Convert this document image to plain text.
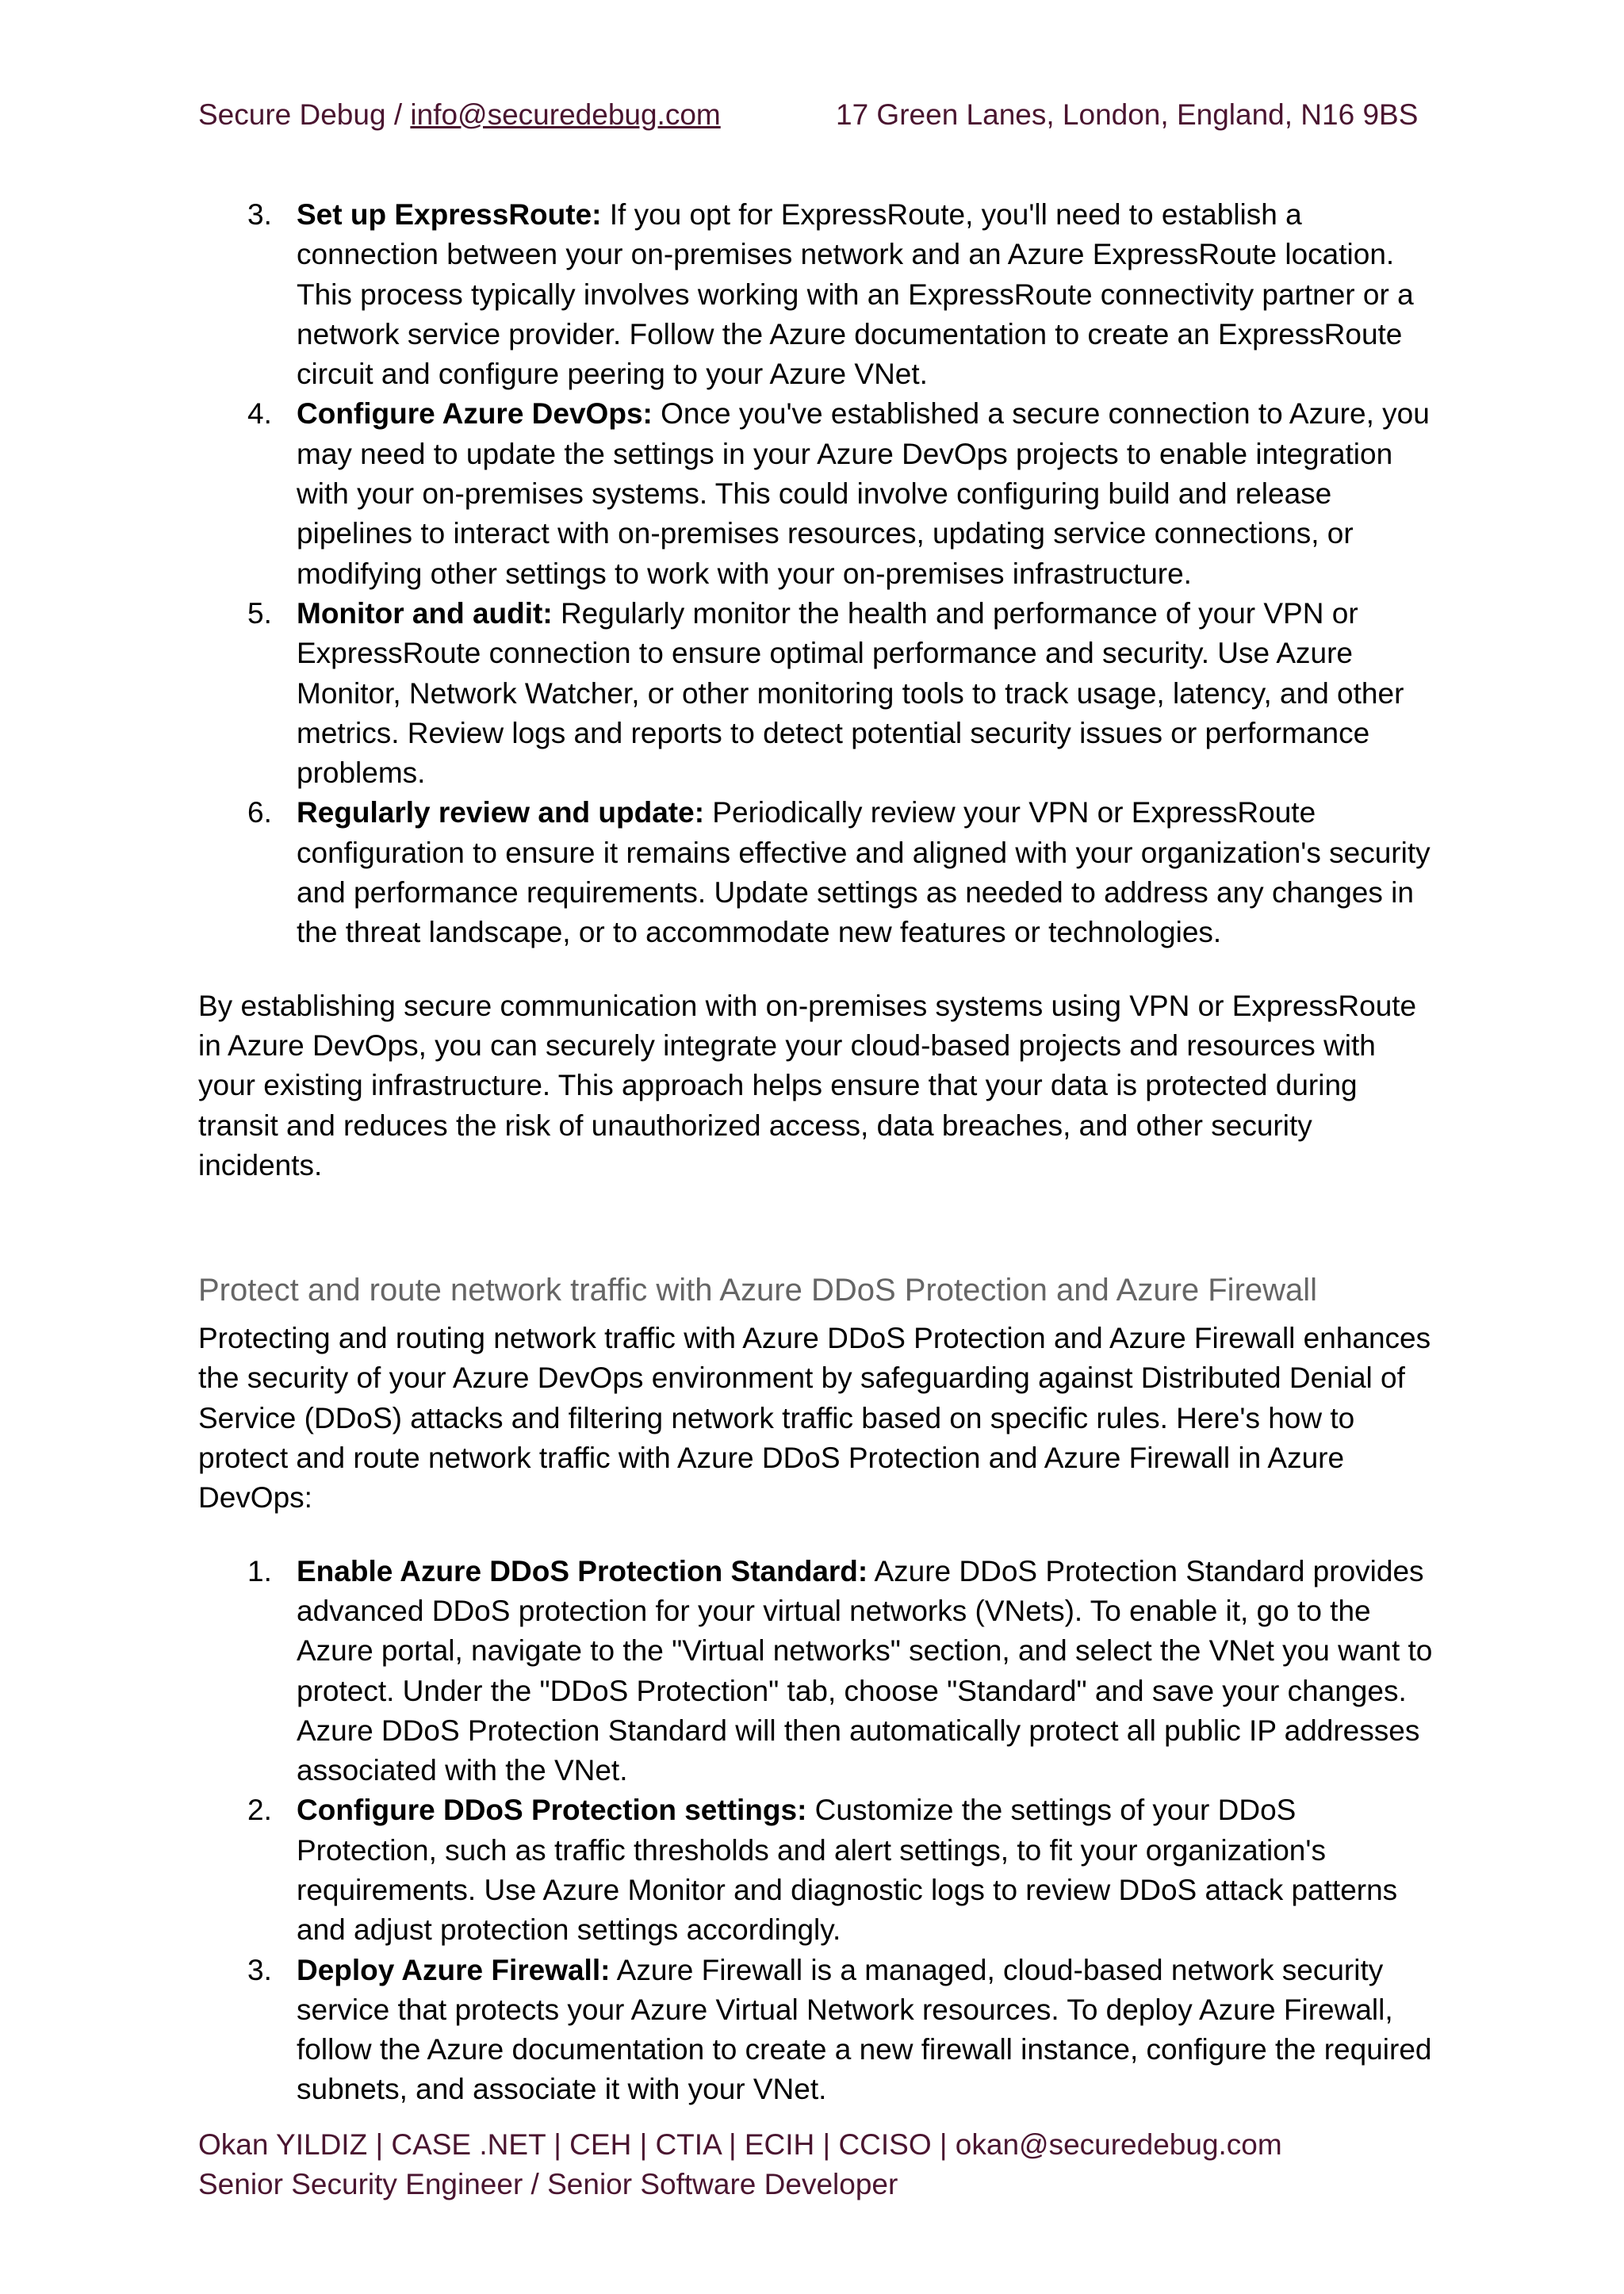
Secure Debug / info@securedebug.com	17 Green Lanes, London, England, N16 9BS
3. Set up ExpressRoute: If you opt for ExpressRoute, you'll need to establish a connection between your on-premises network and an Azure ExpressRoute location. This process typically involves working with an ExpressRoute connectivity partner or a network service provider. Follow the Azure documentation to create an ExpressRoute circuit and configure peering to your Azure VNet.
4. Configure Azure DevOps: Once you've established a secure connection to Azure, you may need to update the settings in your Azure DevOps projects to enable integration with your on-premises systems. This could involve configuring build and release pipelines to interact with on-premises resources, updating service connections, or modifying other settings to work with your on-premises infrastructure.
5. Monitor and audit: Regularly monitor the health and performance of your VPN or ExpressRoute connection to ensure optimal performance and security. Use Azure Monitor, Network Watcher, or other monitoring tools to track usage, latency, and other metrics. Review logs and reports to detect potential security issues or performance problems.
6. Regularly review and update: Periodically review your VPN or ExpressRoute configuration to ensure it remains effective and aligned with your organization's security and performance requirements. Update settings as needed to address any changes in the threat landscape, or to accommodate new features or technologies.

By establishing secure communication with on-premises systems using VPN or ExpressRoute in Azure DevOps, you can securely integrate your cloud-based projects and resources with your existing infrastructure. This approach helps ensure that your data is protected during transit and reduces the risk of unauthorized access, data breaches, and other security incidents.

Protect and route network traffic with Azure DDoS Protection and Azure Firewall

Protecting and routing network traffic with Azure DDoS Protection and Azure Firewall enhances the security of your Azure DevOps environment by safeguarding against Distributed Denial of Service (DDoS) attacks and filtering network traffic based on specific rules. Here's how to protect and route network traffic with Azure DDoS Protection and Azure Firewall in Azure DevOps:

1. Enable Azure DDoS Protection Standard: Azure DDoS Protection Standard provides advanced DDoS protection for your virtual networks (VNets). To enable it, go to the Azure portal, navigate to the "Virtual networks" section, and select the VNet you want to protect. Under the "DDoS Protection" tab, choose "Standard" and save your changes. Azure DDoS Protection Standard will then automatically protect all public IP addresses associated with the VNet.
2. Configure DDoS Protection settings: Customize the settings of your DDoS Protection, such as traffic thresholds and alert settings, to fit your organization's requirements. Use Azure Monitor and diagnostic logs to review DDoS attack patterns and adjust protection settings accordingly.
3. Deploy Azure Firewall: Azure Firewall is a managed, cloud-based network security service that protects your Azure Virtual Network resources. To deploy Azure Firewall, follow the Azure documentation to create a new firewall instance, configure the required subnets, and associate it with your VNet.
Okan YILDIZ | CASE .NET | CEH | CTIA | ECIH | CCISO | okan@securedebug.com
Senior Security Engineer / Senior Software Developer
